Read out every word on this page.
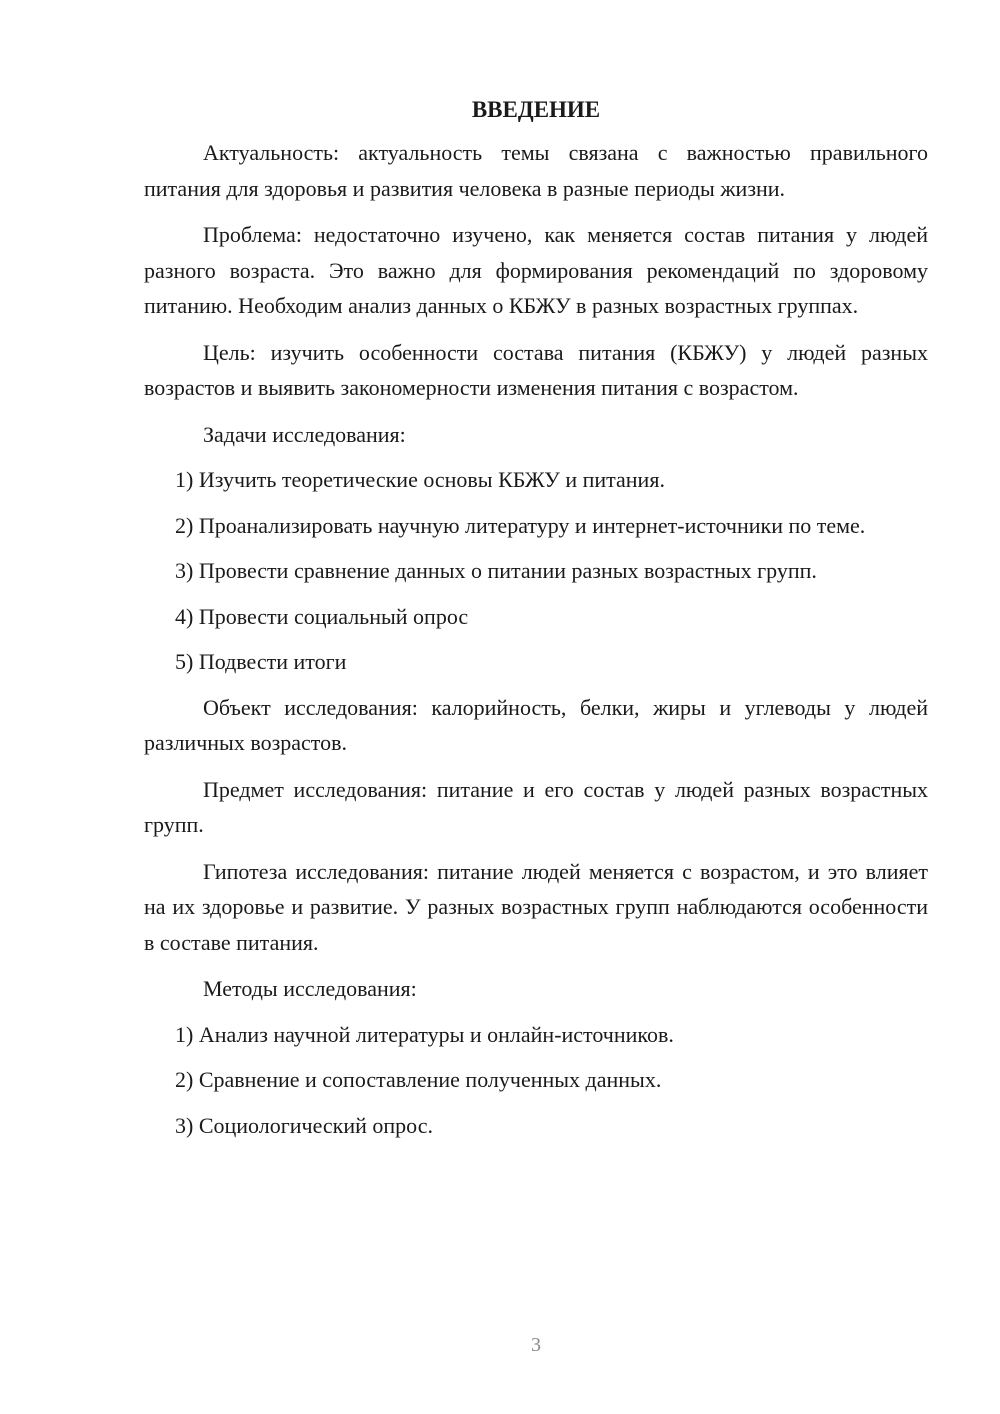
ВВЕДЕНИЕ

Актуальность: актуальность темы связана с важностью правильного питания для здоровья и развития человека в разные периоды жизни.

Проблема: недостаточно изучено, как меняется состав питания у людей разного возраста. Это важно для формирования рекомендаций по здоровому питанию. Необходим анализ данных о КБЖУ в разных возрастных группах.

Цель: изучить особенности состава питания (КБЖУ) у людей разных возрастов и выявить закономерности изменения питания с возрастом.

Задачи исследования:

1) Изучить теоретические основы КБЖУ и питания.

2) Проанализировать научную литературу и интернет-источники по теме.

3) Провести сравнение данных о питании разных возрастных групп.

4) Провести социальный опрос

5) Подвести итоги

Объект исследования: калорийность, белки, жиры и углеводы у людей различных возрастов.

Предмет исследования: питание и его состав у людей разных возрастных групп.

Гипотеза исследования: питание людей меняется с возрастом, и это влияет на их здоровье и развитие. У разных возрастных групп наблюдаются особенности в составе питания.

Методы исследования:

1) Анализ научной литературы и онлайн-источников.

2) Сравнение и сопоставление полученных данных.

3) Социологический опрос.

3
